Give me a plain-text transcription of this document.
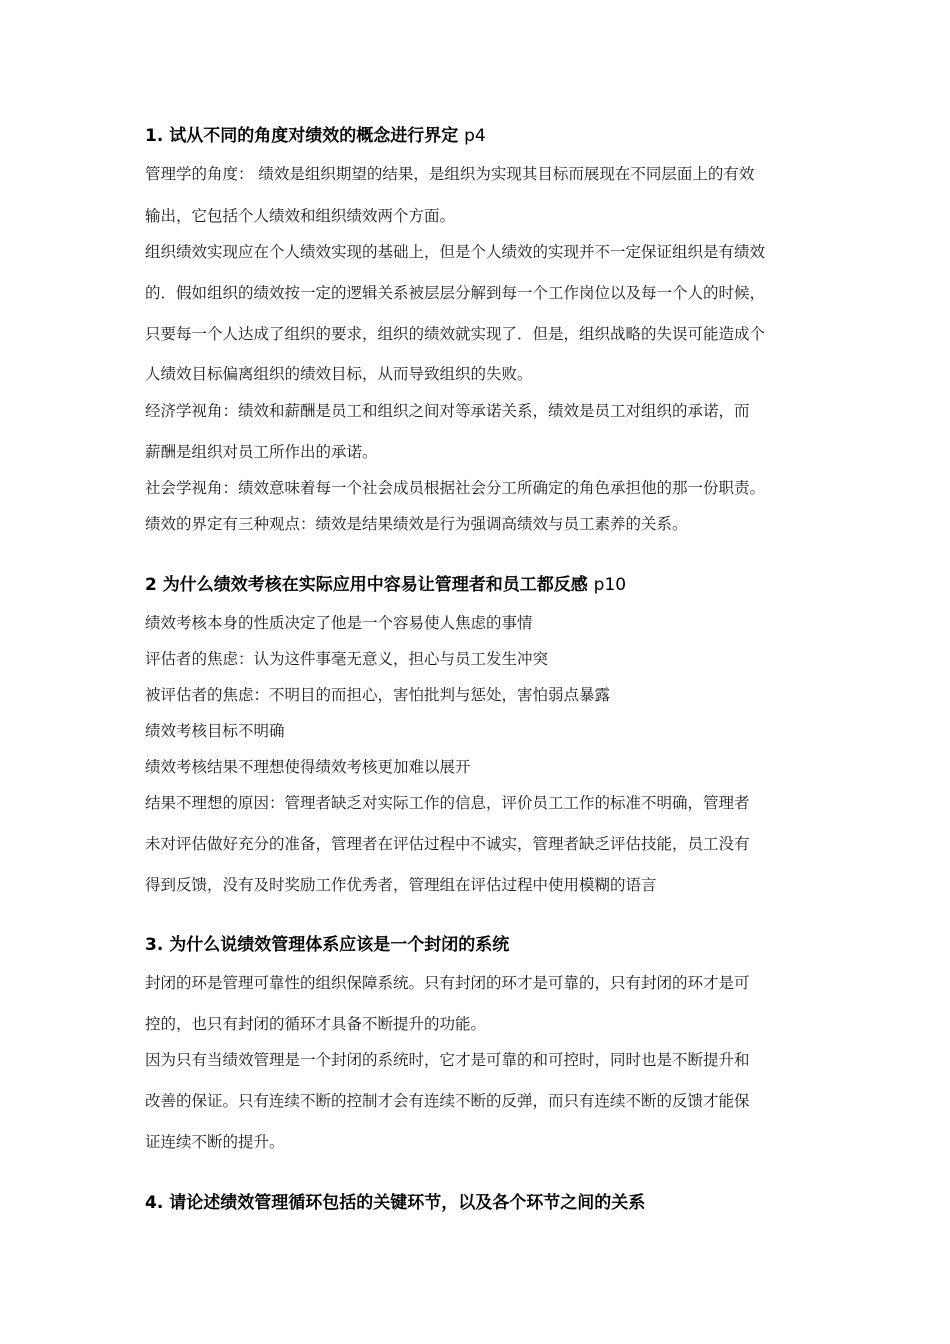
1. 试从不同的角度对绩效的概念进行界定 p4
管理学的角度： 绩效是组织期望的结果，是组织为实现其目标而展现在不同层面上的有效
输出，它包括个人绩效和组织绩效两个方面。
组织绩效实现应在个人绩效实现的基础上，但是个人绩效的实现并不一定保证组织是有绩效
的．假如组织的绩效按一定的逻辑关系被层层分解到每一个工作岗位以及每一个人的时候，
只要每一个人达成了组织的要求，组织的绩效就实现了．但是，组织战略的失误可能造成个
人绩效目标偏离组织的绩效目标，从而导致组织的失败。
经济学视角：绩效和薪酬是员工和组织之间对等承诺关系，绩效是员工对组织的承诺，而
薪酬是组织对员工所作出的承诺。
社会学视角：绩效意味着每一个社会成员根据社会分工所确定的角色承担他的那一份职责。
绩效的界定有三种观点：绩效是结果绩效是行为强调高绩效与员工素养的关系。
2 为什么绩效考核在实际应用中容易让管理者和员工都反感 p10
绩效考核本身的性质决定了他是一个容易使人焦虑的事情
评估者的焦虑：认为这件事毫无意义，担心与员工发生冲突
被评估者的焦虑：不明目的而担心，害怕批判与惩处，害怕弱点暴露
绩效考核目标不明确
绩效考核结果不理想使得绩效考核更加难以展开
结果不理想的原因：管理者缺乏对实际工作的信息，评价员工工作的标准不明确，管理者
未对评估做好充分的准备，管理者在评估过程中不诚实，管理者缺乏评估技能，员工没有
得到反馈，没有及时奖励工作优秀者，管理组在评估过程中使用模糊的语言
3. 为什么说绩效管理体系应该是一个封闭的系统
封闭的环是管理可靠性的组织保障系统。只有封闭的环才是可靠的，只有封闭的环才是可
控的，也只有封闭的循环才具备不断提升的功能。
因为只有当绩效管理是一个封闭的系统时，它才是可靠的和可控时，同时也是不断提升和
改善的保证。只有连续不断的控制才会有连续不断的反弹，而只有连续不断的反馈才能保
证连续不断的提升。
4. 请论述绩效管理循环包括的关键环节，以及各个环节之间的关系
